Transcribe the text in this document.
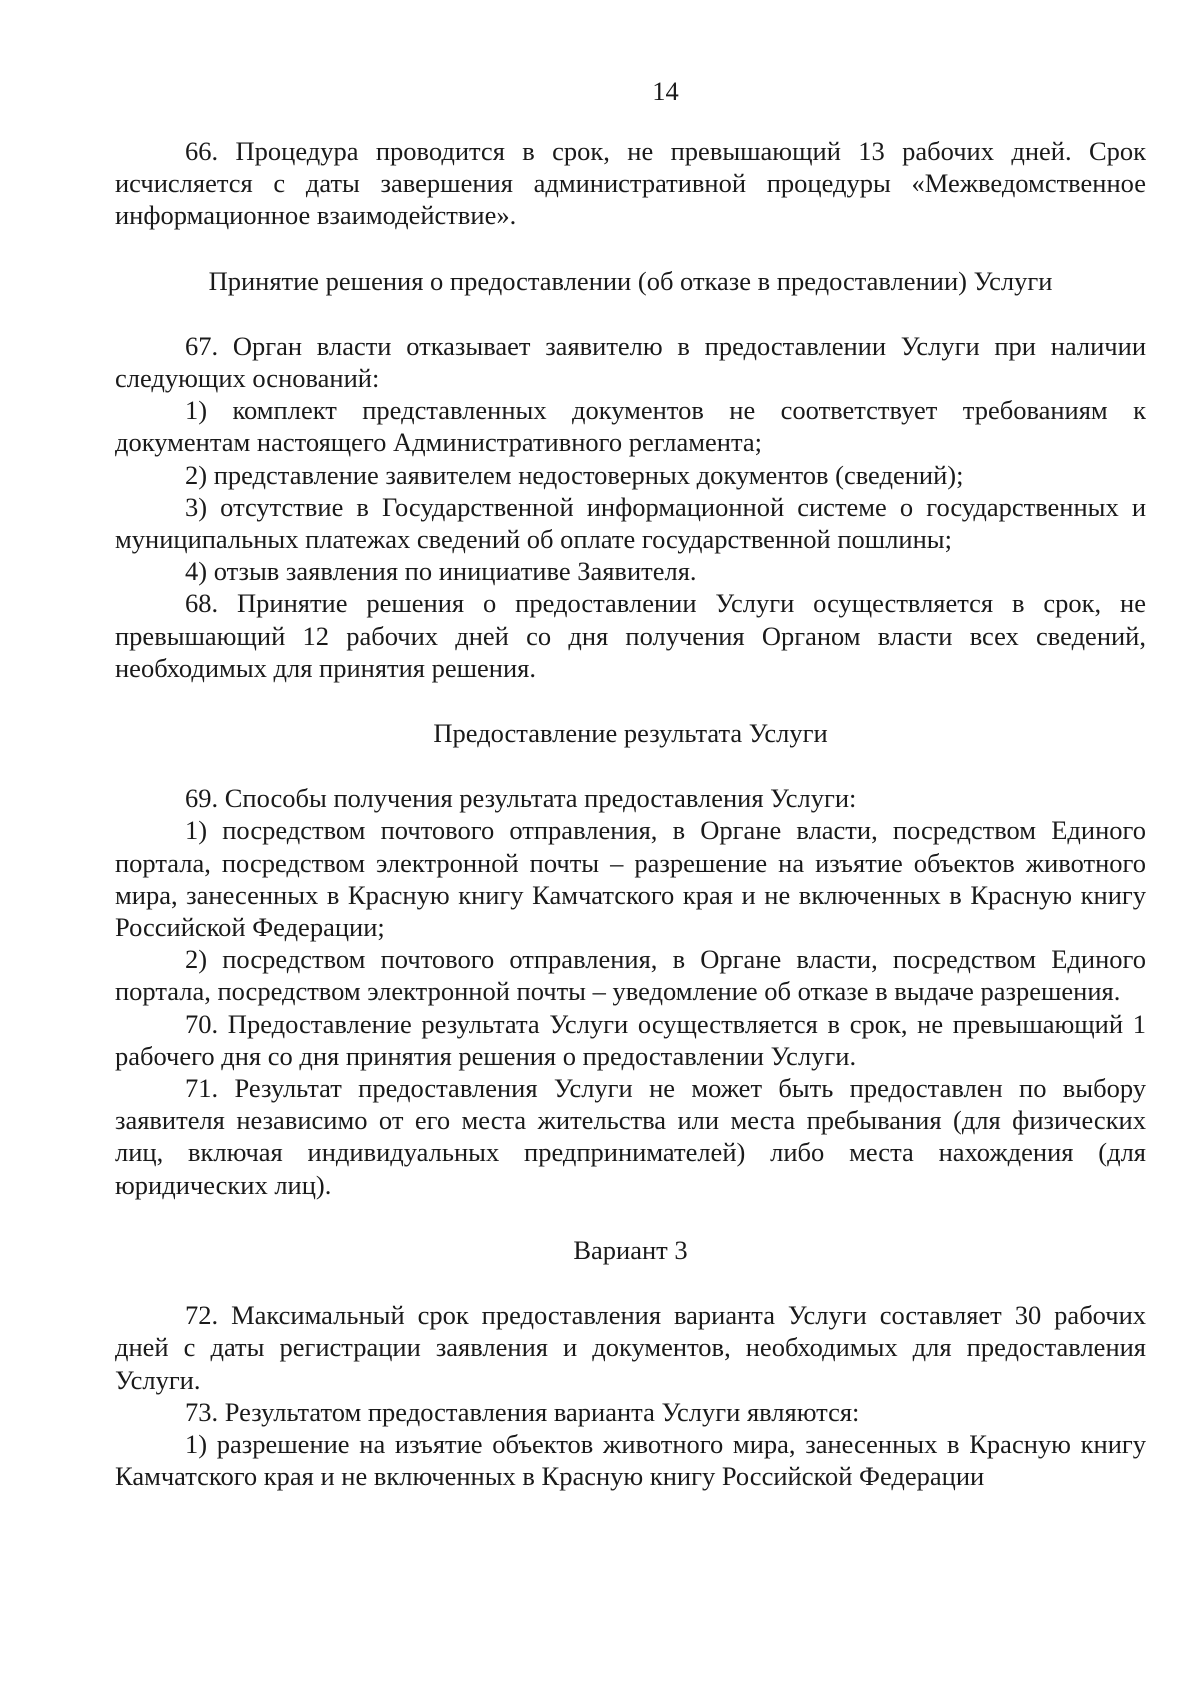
14

66. Процедура проводится в срок, не превышающий 13 рабочих дней. Срок исчисляется с даты завершения административной процедуры «Межведомственное информационное взаимодействие».

Принятие решения о предоставлении (об отказе в предоставлении) Услуги

67. Орган власти отказывает заявителю в предоставлении Услуги при наличии следующих оснований:

1) комплект представленных документов не соответствует требованиям к документам настоящего Административного регламента;

2) представление заявителем недостоверных документов (сведений);

3) отсутствие в Государственной информационной системе о государственных и муниципальных платежах сведений об оплате государственной пошлины;

4) отзыв заявления по инициативе Заявителя.

68. Принятие решения о предоставлении Услуги осуществляется в срок, не превышающий 12 рабочих дней со дня получения Органом власти всех сведений, необходимых для принятия решения.

Предоставление результата Услуги

69. Способы получения результата предоставления Услуги:

1) посредством почтового отправления, в Органе власти, посредством Единого портала, посредством электронной почты – разрешение на изъятие объектов животного мира, занесенных в Красную книгу Камчатского края и не включенных в Красную книгу Российской Федерации;

2) посредством почтового отправления, в Органе власти, посредством Единого портала, посредством электронной почты – уведомление об отказе в выдаче разрешения.

70. Предоставление результата Услуги осуществляется в срок, не превышающий 1 рабочего дня со дня принятия решения о предоставлении Услуги.

71. Результат предоставления Услуги не может быть предоставлен по выбору заявителя независимо от его места жительства или места пребывания (для физических лиц, включая индивидуальных предпринимателей) либо места нахождения (для юридических лиц).

Вариант 3

72. Максимальный срок предоставления варианта Услуги составляет 30 рабочих дней с даты регистрации заявления и документов, необходимых для предоставления Услуги.

73. Результатом предоставления варианта Услуги являются:

1) разрешение на изъятие объектов животного мира, занесенных в Красную книгу Камчатского края и не включенных в Красную книгу Российской Федерации
